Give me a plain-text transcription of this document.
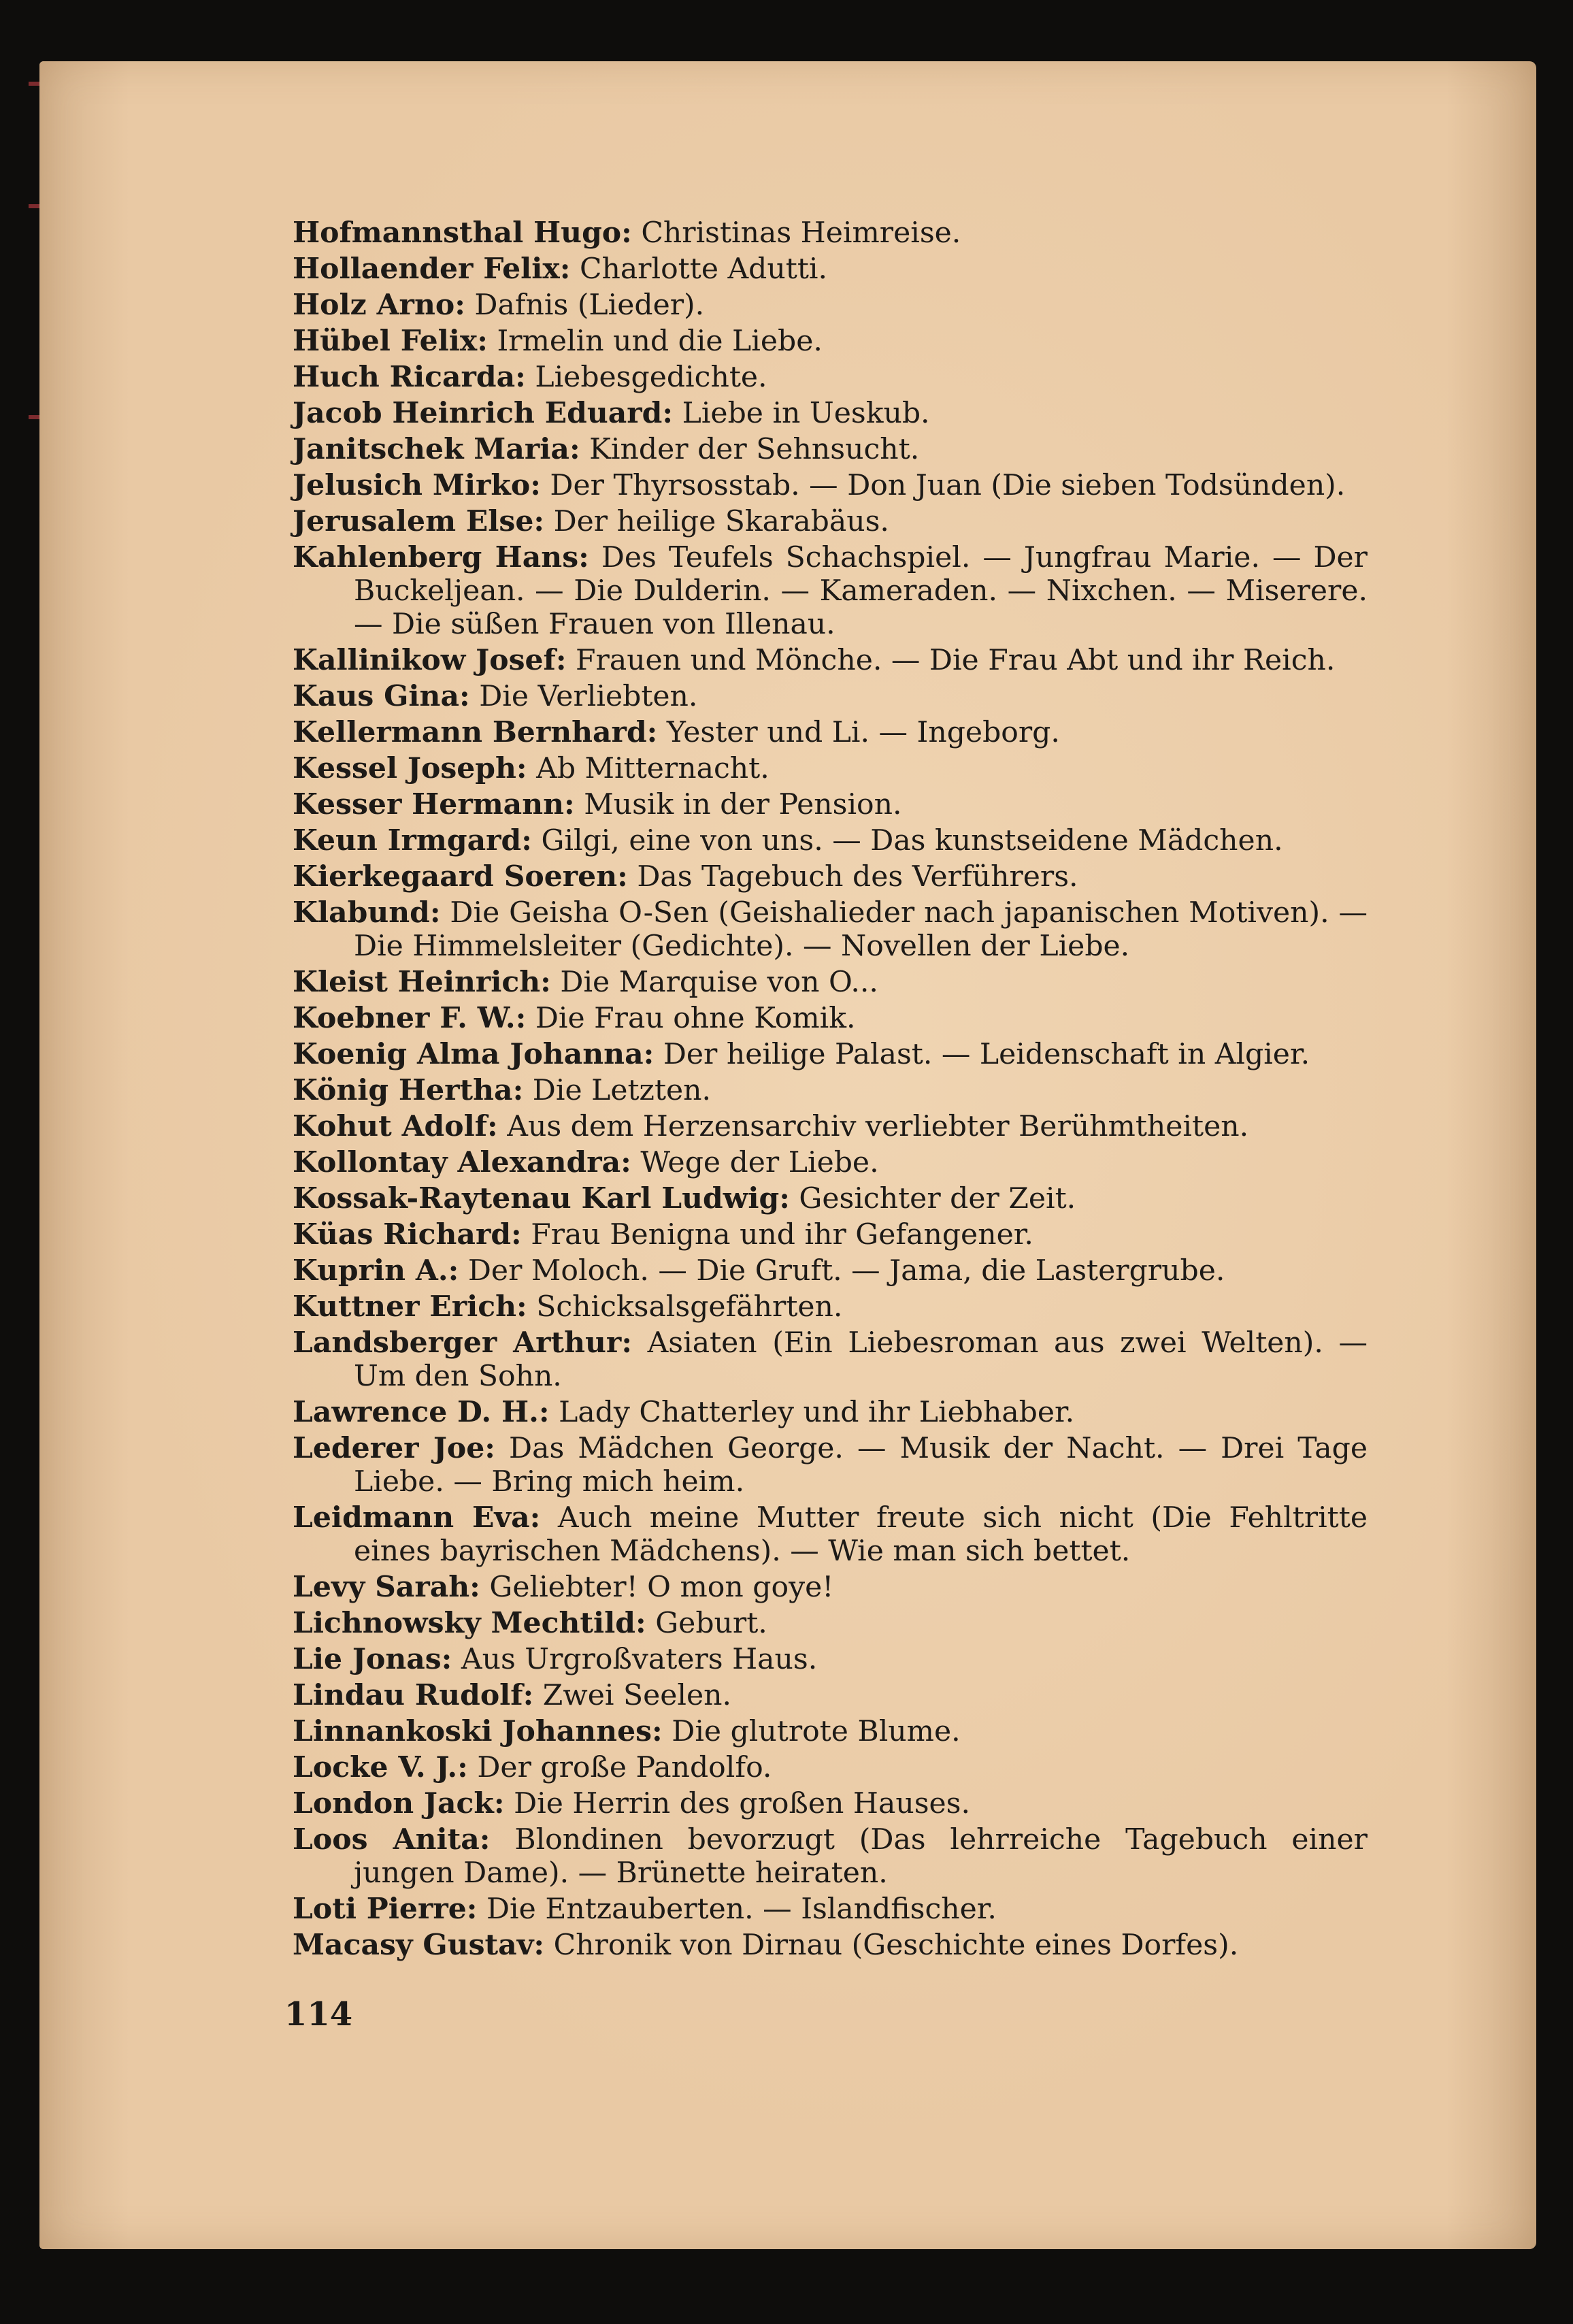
Hofmannsthal Hugo: Christinas Heimreise.

Hollaender Felix: Charlotte Adutti.

Holz Arno: Dafnis (Lieder).

Hübel Felix: Irmelin und die Liebe.

Huch Ricarda: Liebesgedichte.

Jacob Heinrich Eduard: Liebe in Ueskub.

Janitschek Maria: Kinder der Sehnsucht.

Jelusich Mirko: Der Thyrsosstab. — Don Juan (Die sieben Todsünden).

Jerusalem Else: Der heilige Skarabäus.

Kahlenberg Hans: Des Teufels Schachspiel. — Jungfrau Marie. — Der Buckeljean. — Die Dulderin. — Kameraden. — Nixchen. — Miserere. — Die süßen Frauen von Illenau.

Kallinikow Josef: Frauen und Mönche. — Die Frau Abt und ihr Reich.

Kaus Gina: Die Verliebten.

Kellermann Bernhard: Yester und Li. — Ingeborg.

Kessel Joseph: Ab Mitternacht.

Kesser Hermann: Musik in der Pension.

Keun Irmgard: Gilgi, eine von uns. — Das kunstseidene Mädchen.

Kierkegaard Soeren: Das Tagebuch des Verführers.

Klabund: Die Geisha O-Sen (Geishalieder nach japanischen Motiven). — Die Himmelsleiter (Gedichte). — Novellen der Liebe.

Kleist Heinrich: Die Marquise von O...

Koebner F. W.: Die Frau ohne Komik.

Koenig Alma Johanna: Der heilige Palast. — Leidenschaft in Algier.

König Hertha: Die Letzten.

Kohut Adolf: Aus dem Herzensarchiv verliebter Berühmtheiten.

Kollontay Alexandra: Wege der Liebe.

Kossak-Raytenau Karl Ludwig: Gesichter der Zeit.

Küas Richard: Frau Benigna und ihr Gefangener.

Kuprin A.: Der Moloch. — Die Gruft. — Jama, die Lastergrube.

Kuttner Erich: Schicksalsgefährten.

Landsberger Arthur: Asiaten (Ein Liebesroman aus zwei Welten). — Um den Sohn.

Lawrence D. H.: Lady Chatterley und ihr Liebhaber.

Lederer Joe: Das Mädchen George. — Musik der Nacht. — Drei Tage Liebe. — Bring mich heim.

Leidmann Eva: Auch meine Mutter freute sich nicht (Die Fehltritte eines bayrischen Mädchens). — Wie man sich bettet.

Levy Sarah: Geliebter! O mon goye!

Lichnowsky Mechtild: Geburt.

Lie Jonas: Aus Urgroßvaters Haus.

Lindau Rudolf: Zwei Seelen.

Linnankoski Johannes: Die glutrote Blume.

Locke V. J.: Der große Pandolfo.

London Jack: Die Herrin des großen Hauses.

Loos Anita: Blondinen bevorzugt (Das lehrreiche Tagebuch einer jungen Dame). — Brünette heiraten.

Loti Pierre: Die Entzauberten. — Islandfischer.

Macasy Gustav: Chronik von Dirnau (Geschichte eines Dorfes).

114
